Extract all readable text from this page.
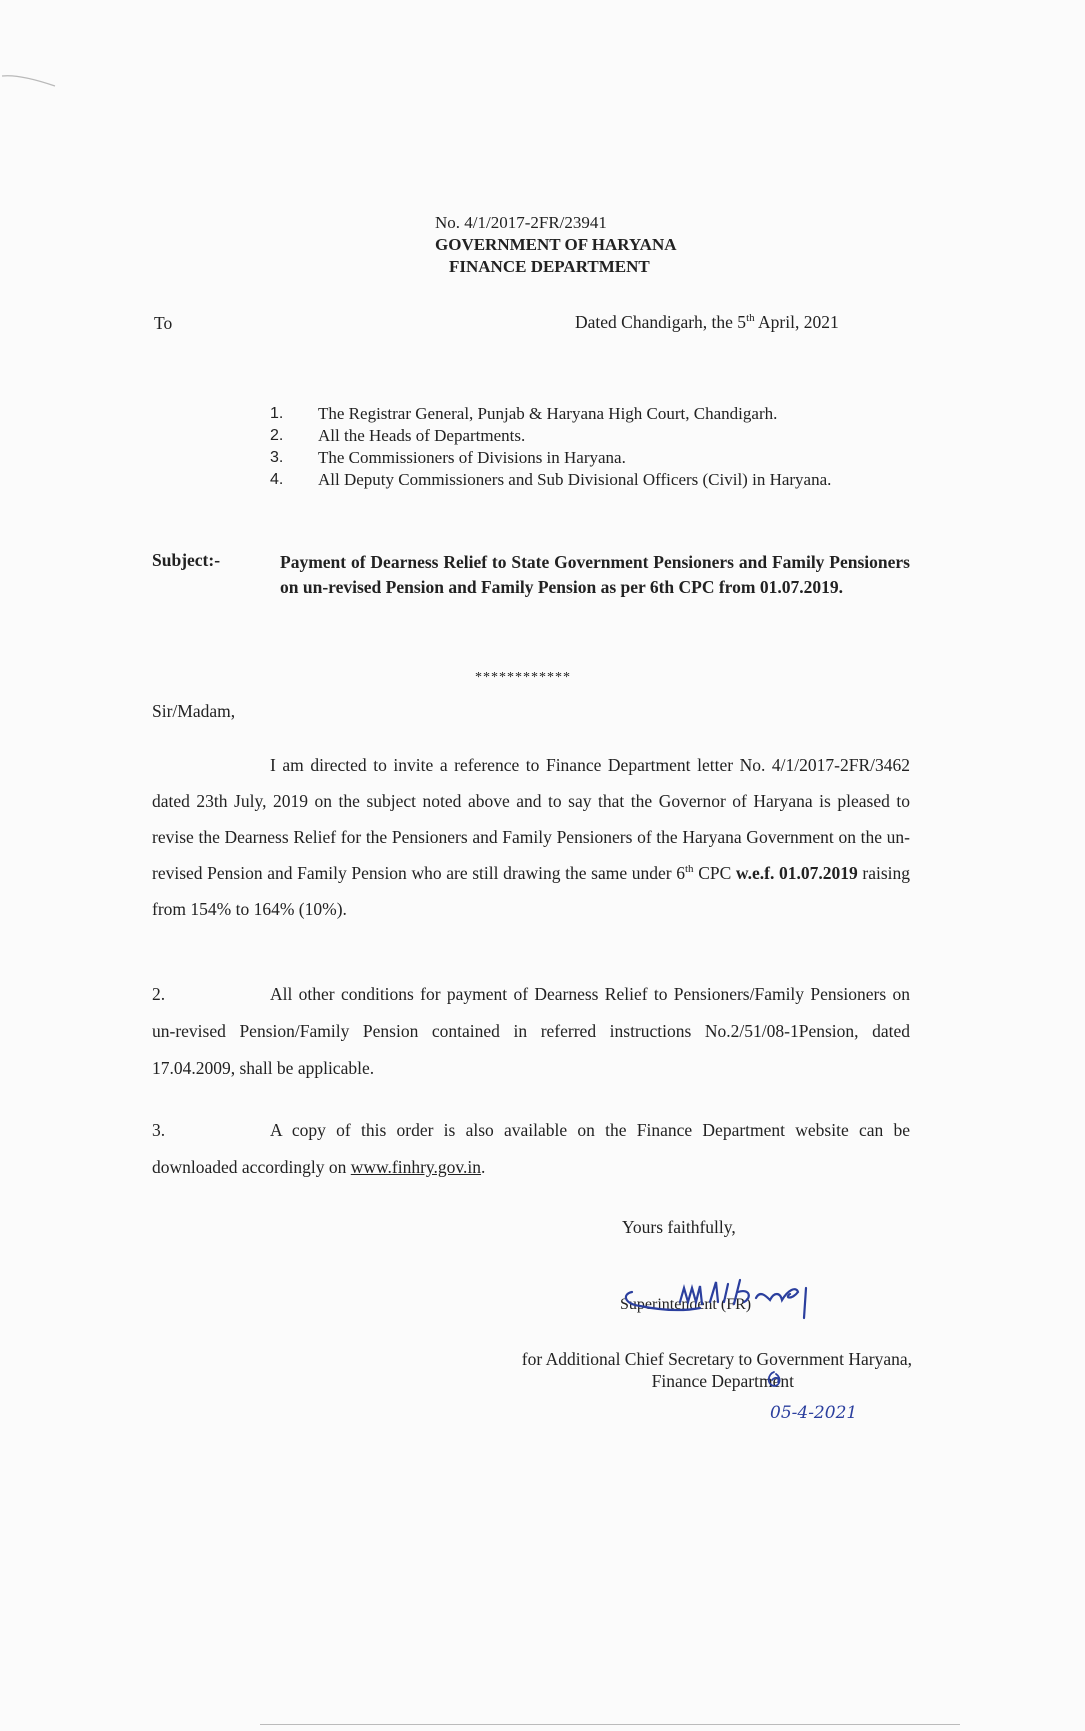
No. 4/1/2017-2FR/23941
GOVERNMENT OF HARYANA
FINANCE DEPARTMENT
To	Dated Chandigarh, the 5th April, 2021
1.	The Registrar General, Punjab & Haryana High Court, Chandigarh.
2.	All the Heads of Departments.
3.	The Commissioners of Divisions in Haryana.
4.	All Deputy Commissioners and Sub Divisional Officers (Civil) in Haryana.
Subject:-	Payment of Dearness Relief to State Government Pensioners and Family Pensioners on un-revised Pension and Family Pension as per 6th CPC from 01.07.2019.
************
Sir/Madam,
I am directed to invite a reference to Finance Department letter No. 4/1/2017-2FR/3462 dated 23th July, 2019 on the subject noted above and to say that the Governor of Haryana is pleased to revise the Dearness Relief for the Pensioners and Family Pensioners of the Haryana Government on the un-revised Pension and Family Pension who are still drawing the same under 6th CPC w.e.f. 01.07.2019 raising from 154% to 164% (10%).
2.	All other conditions for payment of Dearness Relief to Pensioners/Family Pensioners on un-revised Pension/Family Pension contained in referred instructions No.2/51/08-1Pension, dated 17.04.2009, shall be applicable.
3.	A copy of this order is also available on the Finance Department website can be downloaded accordingly on www.finhry.gov.in.
Yours faithfully,
Superintendent (FR)
for Additional Chief Secretary to Government Haryana,
Finance Department
05-4-2021
